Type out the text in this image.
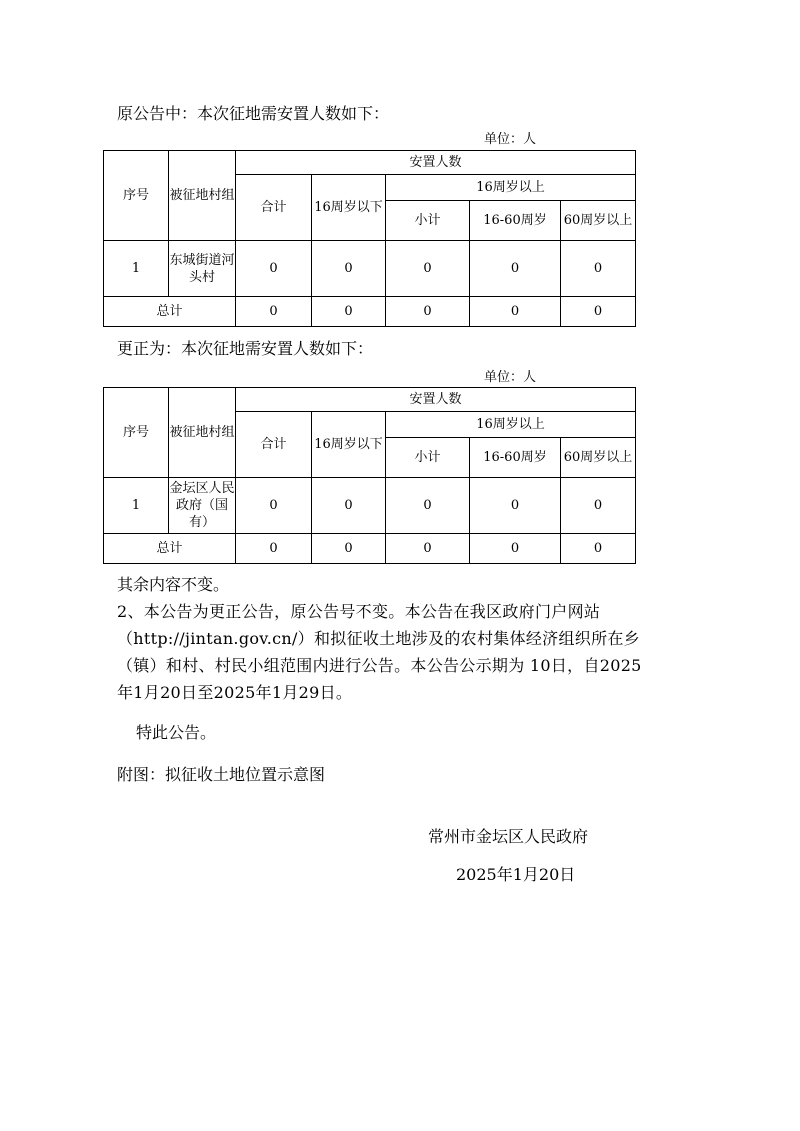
原公告中：本次征地需安置人数如下：
单位：人
序号	被征地村组	安置人数				
		合计	16周岁以下	16周岁以上		
				小计	16-60周岁	60周岁以上
1	东城街道河头村	0	0	0	0	0
总计		0	0	0	0	0
更正为：本次征地需安置人数如下：
单位：人
序号	被征地村组	安置人数				
		合计	16周岁以下	16周岁以上		
				小计	16-60周岁	60周岁以上
1	金坛区人民政府（国有）	0	0	0	0	0
总计		0	0	0	0	0
其余内容不变。
2、本公告为更正公告，原公告号不变。本公告在我区政府门户网站（http://jintan.gov.cn/）和拟征收土地涉及的农村集体经济组织所在乡（镇）和村、村民小组范围内进行公告。本公告公示期为 10日，自2025年1月20日至2025年1月29日。
特此公告。
附图：拟征收土地位置示意图
常州市金坛区人民政府
2025年1月20日
